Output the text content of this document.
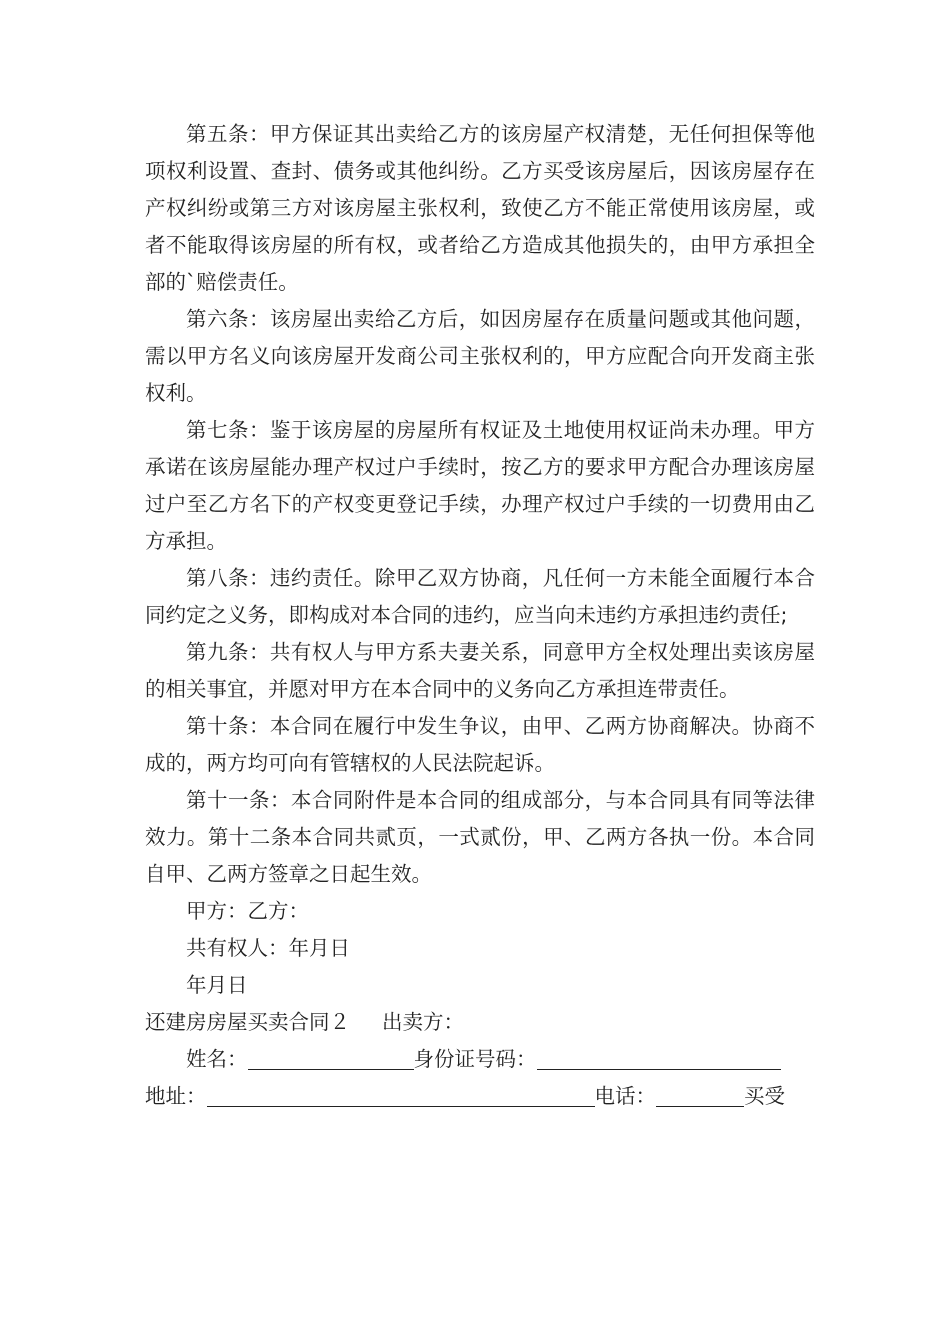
第五条：甲方保证其出卖给乙方的该房屋产权清楚，无任何担保等他项权利设置、查封、债务或其他纠纷。乙方买受该房屋后，因该房屋存在产权纠纷或第三方对该房屋主张权利，致使乙方不能正常使用该房屋，或者不能取得该房屋的所有权，或者给乙方造成其他损失的，由甲方承担全部的`赔偿责任。

第六条：该房屋出卖给乙方后，如因房屋存在质量问题或其他问题，需以甲方名义向该房屋开发商公司主张权利的，甲方应配合向开发商主张权利。

第七条：鉴于该房屋的房屋所有权证及土地使用权证尚未办理。甲方承诺在该房屋能办理产权过户手续时，按乙方的要求甲方配合办理该房屋过户至乙方名下的产权变更登记手续，办理产权过户手续的一切费用由乙方承担。

第八条：违约责任。除甲乙双方协商，凡任何一方未能全面履行本合同约定之义务，即构成对本合同的违约，应当向未违约方承担违约责任;

第九条：共有权人与甲方系夫妻关系，同意甲方全权处理出卖该房屋的相关事宜，并愿对甲方在本合同中的义务向乙方承担连带责任。

第十条：本合同在履行中发生争议，由甲、乙两方协商解决。协商不成的，两方均可向有管辖权的人民法院起诉。

第十一条：本合同附件是本合同的组成部分，与本合同具有同等法律效力。第十二条本合同共贰页，一式贰份，甲、乙两方各执一份。本合同自甲、乙两方签章之日起生效。

甲方：乙方：

共有权人：年月日

年月日

还建房房屋买卖合同２ 出卖方：

姓名：	身份证号码：

地址：	电话：	买受
